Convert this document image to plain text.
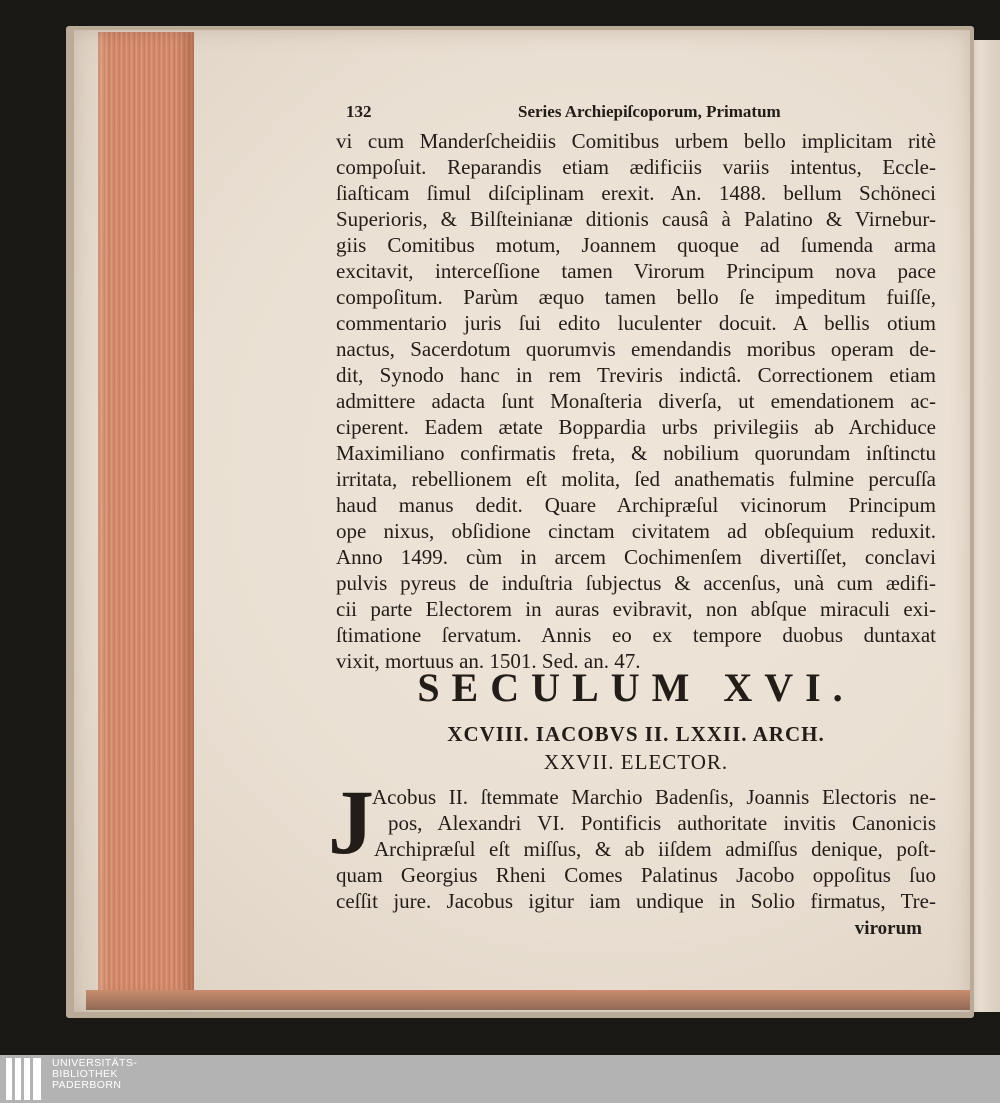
132	Series Archiepiſcoporum, Primatum
vi cum Manderſcheidiis Comitibus urbem bello implicitam ritè
compoſuit. Reparandis etiam ædificiis variis intentus, Eccle-
ſiaſticam ſimul diſciplinam erexit. An. 1488. bellum Schöneci
Superioris, & Bilſteinianæ ditionis causâ à Palatino & Virnebur-
giis Comitibus motum, Joannem quoque ad ſumenda arma
excitavit, interceſſione tamen Virorum Principum nova pace
compoſitum. Parùm æquo tamen bello ſe impeditum fuiſſe,
commentario juris ſui edito luculenter docuit. A bellis otium
nactus, Sacerdotum quorumvis emendandis moribus operam de-
dit, Synodo hanc in rem Treviris indictâ. Correctionem etiam
admittere adacta ſunt Monaſteria diverſa, ut emendationem ac-
ciperent. Eadem ætate Boppardia urbs privilegiis ab Archiduce
Maximiliano confirmatis freta, & nobilium quorundam inſtinctu
irritata, rebellionem eſt molita, ſed anathematis fulmine percuſſa
haud manus dedit. Quare Archipræſul vicinorum Principum
ope nixus, obſidione cinctam civitatem ad obſequium reduxit.
Anno 1499. cùm in arcem Cochimenſem divertiſſet, conclavi
pulvis pyreus de induſtria ſubjectus & accenſus, unà cum ædifi-
cii parte Electorem in auras evibravit, non abſque miraculi exi-
ſtimatione ſervatum. Annis eo ex tempore duobus duntaxat
vixit, mortuus an. 1501. Sed. an. 47.
SECULUM XVI.
XCVIII. IACOBVS II. LXXII. ARCH.
XXVII. ELECTOR.
J
Acobus II. ſtemmate Marchio Badenſis, Joannis Electoris ne-
pos, Alexandri VI. Pontificis authoritate invitis Canonicis
Archipræſul eſt miſſus, & ab iiſdem admiſſus denique, poſt-
quam Georgius Rheni Comes Palatinus Jacobo oppoſitus ſuo
ceſſit jure. Jacobus igitur iam undique in Solio firmatus, Tre-
virorum
UNIVERSITÄTS-
BIBLIOTHEK
PADERBORN
